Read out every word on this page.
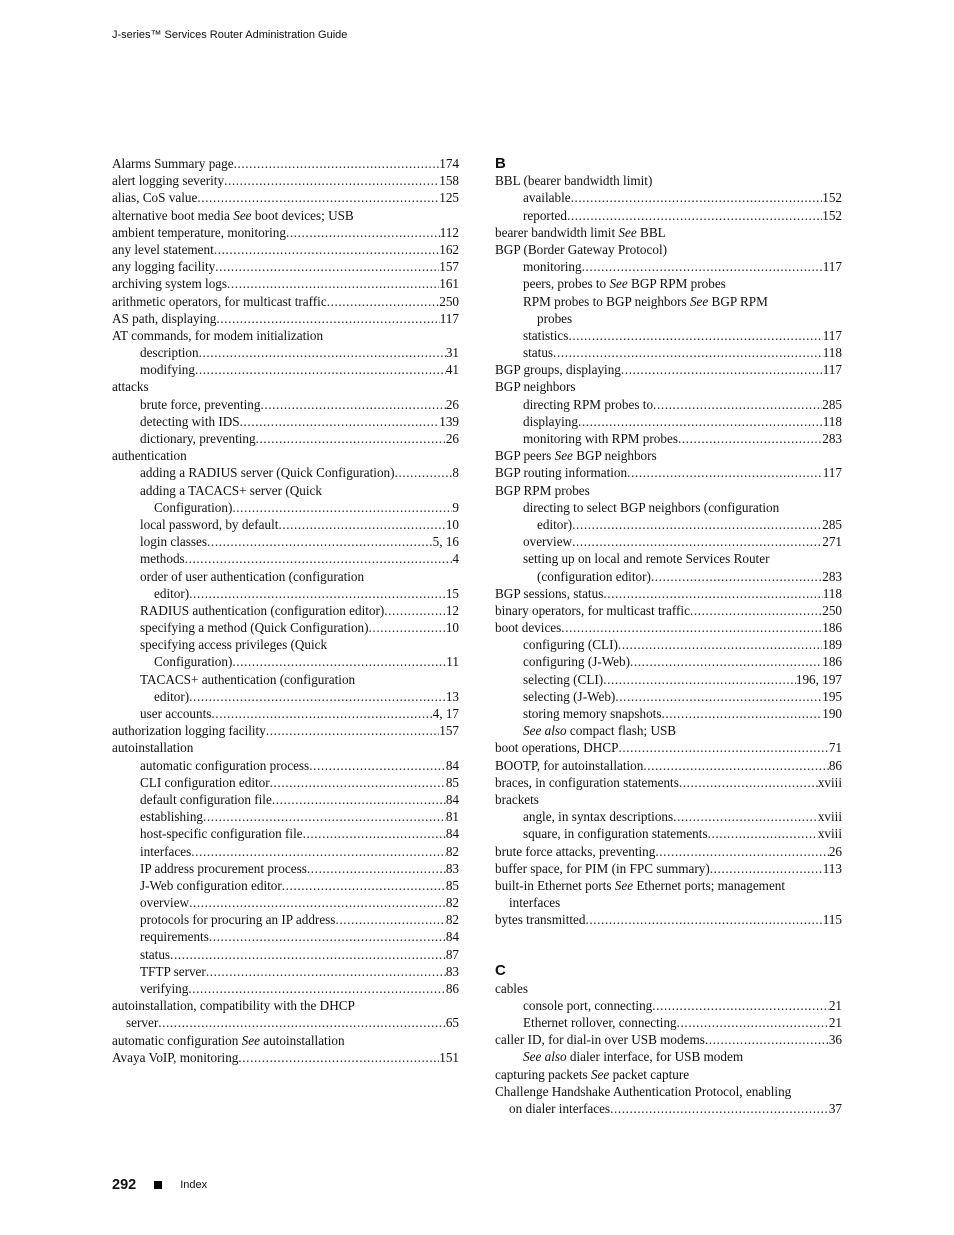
J-series™ Services Router Administration Guide
Alarms Summary page .....	174
alert logging severity .....	158
alias, CoS value .....	125
alternative boot media See boot devices; USB
ambient temperature, monitoring .....	112
any level statement .....	162
any logging facility .....	157
archiving system logs .....	161
arithmetic operators, for multicast traffic .....	250
AS path, displaying .....	117
AT commands, for modem initialization
description .....	31
modifying .....	41
attacks
brute force, preventing .....	26
detecting with IDS .....	139
dictionary, preventing .....	26
authentication
adding a RADIUS server (Quick Configuration) .....	8
adding a TACACS+ server (Quick
Configuration) .....	9
local password, by default .....	10
login classes .....	5, 16
methods .....	4
order of user authentication (configuration
editor) .....	15
RADIUS authentication (configuration editor) .....	12
specifying a method (Quick Configuration) .....	10
specifying access privileges (Quick
Configuration) .....	11
TACACS+ authentication (configuration
editor) .....	13
user accounts .....	4, 17
authorization logging facility .....	157
autoinstallation
automatic configuration process .....	84
CLI configuration editor .....	85
default configuration file .....	84
establishing .....	81
host-specific configuration file .....	84
interfaces .....	82
IP address procurement process .....	83
J-Web configuration editor .....	85
overview .....	82
protocols for procuring an IP address .....	82
requirements .....	84
status .....	87
TFTP server .....	83
verifying .....	86
autoinstallation, compatibility with the DHCP
server .....	65
automatic configuration See autoinstallation
Avaya VoIP, monitoring .....	151
B
BBL (bearer bandwidth limit)
available .....	152
reported .....	152
bearer bandwidth limit See BBL
BGP (Border Gateway Protocol)
monitoring .....	117
peers, probes to See BGP RPM probes
RPM probes to BGP neighbors See BGP RPM
probes
statistics .....	117
status .....	118
BGP groups, displaying .....	117
BGP neighbors
directing RPM probes to .....	285
displaying .....	118
monitoring with RPM probes .....	283
BGP peers See BGP neighbors
BGP routing information .....	117
BGP RPM probes
directing to select BGP neighbors (configuration
editor) .....	285
overview .....	271
setting up on local and remote Services Router
(configuration editor) .....	283
BGP sessions, status .....	118
binary operators, for multicast traffic .....	250
boot devices .....	186
configuring (CLI) .....	189
configuring (J-Web) .....	186
selecting (CLI) .....	196, 197
selecting (J-Web) .....	195
storing memory snapshots .....	190
See also compact flash; USB
boot operations, DHCP .....	71
BOOTP, for autoinstallation .....	86
braces, in configuration statements .....	xviii
brackets
angle, in syntax descriptions .....	xviii
square, in configuration statements .....	xviii
brute force attacks, preventing .....	26
buffer space, for PIM (in FPC summary) .....	113
built-in Ethernet ports See Ethernet ports; management
interfaces
bytes transmitted .....	115
C
cables
console port, connecting .....	21
Ethernet rollover, connecting .....	21
caller ID, for dial-in over USB modems .....	36
See also dialer interface, for USB modem
capturing packets See packet capture
Challenge Handshake Authentication Protocol, enabling
on dialer interfaces .....	37
292	Index
